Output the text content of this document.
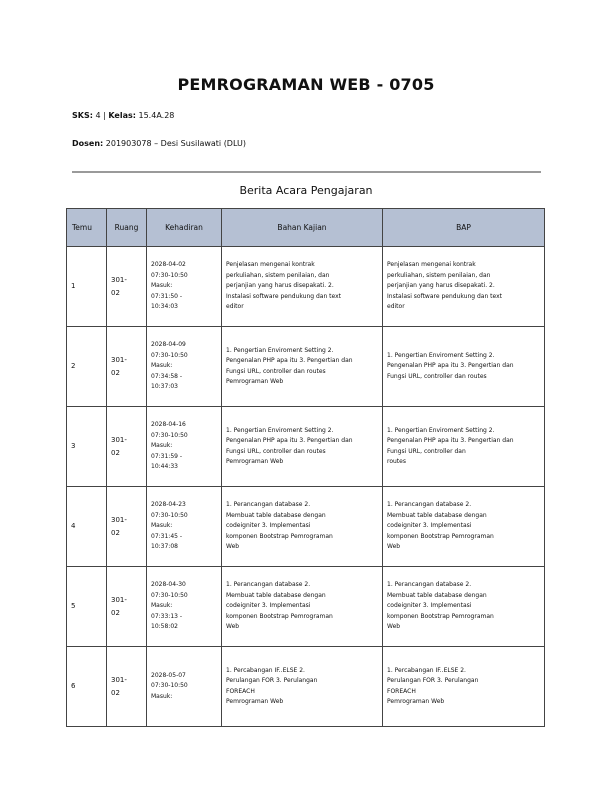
PEMROGRAMAN WEB - 0705
SKS: 4 | Kelas: 15.4A.28
Dosen: 201903078 – Desi Susilawati (DLU)
Berita Acara Pengajaran
Temu	Ruang	Kehadiran	Bahan Kajian	BAP
1	301-
02	2028-04-02
07:30-10:50
Masuk:
07:31:50 -
10:34:03	Penjelasan mengenai kontrak
perkuliahan, sistem penilaian, dan
perjanjian yang harus disepakati. 2.
Instalasi software pendukung dan text
editor	Penjelasan mengenai kontrak
perkuliahan, sistem penilaian, dan
perjanjian yang harus disepakati. 2.
Instalasi software pendukung dan text
editor
2	301-
02	2028-04-09
07:30-10:50
Masuk:
07:34:58 -
10:37:03	1. Pengertian Enviroment Setting 2.
Pengenalan PHP apa itu 3. Pengertian dan
Fungsi URL, controller dan routes
Pemrograman Web	1. Pengertian Enviroment Setting 2.
Pengenalan PHP apa itu 3. Pengertian dan
Fungsi URL, controller dan routes
3	301-
02	2028-04-16
07:30-10:50
Masuk:
07:31:59 -
10:44:33	1. Pengertian Enviroment Setting 2.
Pengenalan PHP apa itu 3. Pengertian dan
Fungsi URL, controller dan routes
Pemrograman Web	1. Pengertian Enviroment Setting 2.
Pengenalan PHP apa itu 3. Pengertian dan
Fungsi URL, controller dan
routes
4	301-
02	2028-04-23
07:30-10:50
Masuk:
07:31:45 -
10:37:08	1. Perancangan database 2.
Membuat table database dengan
codeigniter 3. Implementasi
komponen Bootstrap Pemrograman
Web	1. Perancangan database 2.
Membuat table database dengan
codeigniter 3. Implementasi
komponen Bootstrap Pemrograman
Web
5	301-
02	2028-04-30
07:30-10:50
Masuk:
07:33:13 -
10:58:02	1. Perancangan database 2.
Membuat table database dengan
codeigniter 3. Implementasi
komponen Bootstrap Pemrograman
Web	1. Perancangan database 2.
Membuat table database dengan
codeigniter 3. Implementasi
komponen Bootstrap Pemrograman
Web
6	301-
02	2028-05-07
07:30-10:50
Masuk:	1. Percabangan IF..ELSE 2.
Perulangan FOR 3. Perulangan
FOREACH
Pemrograman Web	1. Percabangan IF..ELSE 2.
Perulangan FOR 3. Perulangan
FOREACH
Pemrograman Web
